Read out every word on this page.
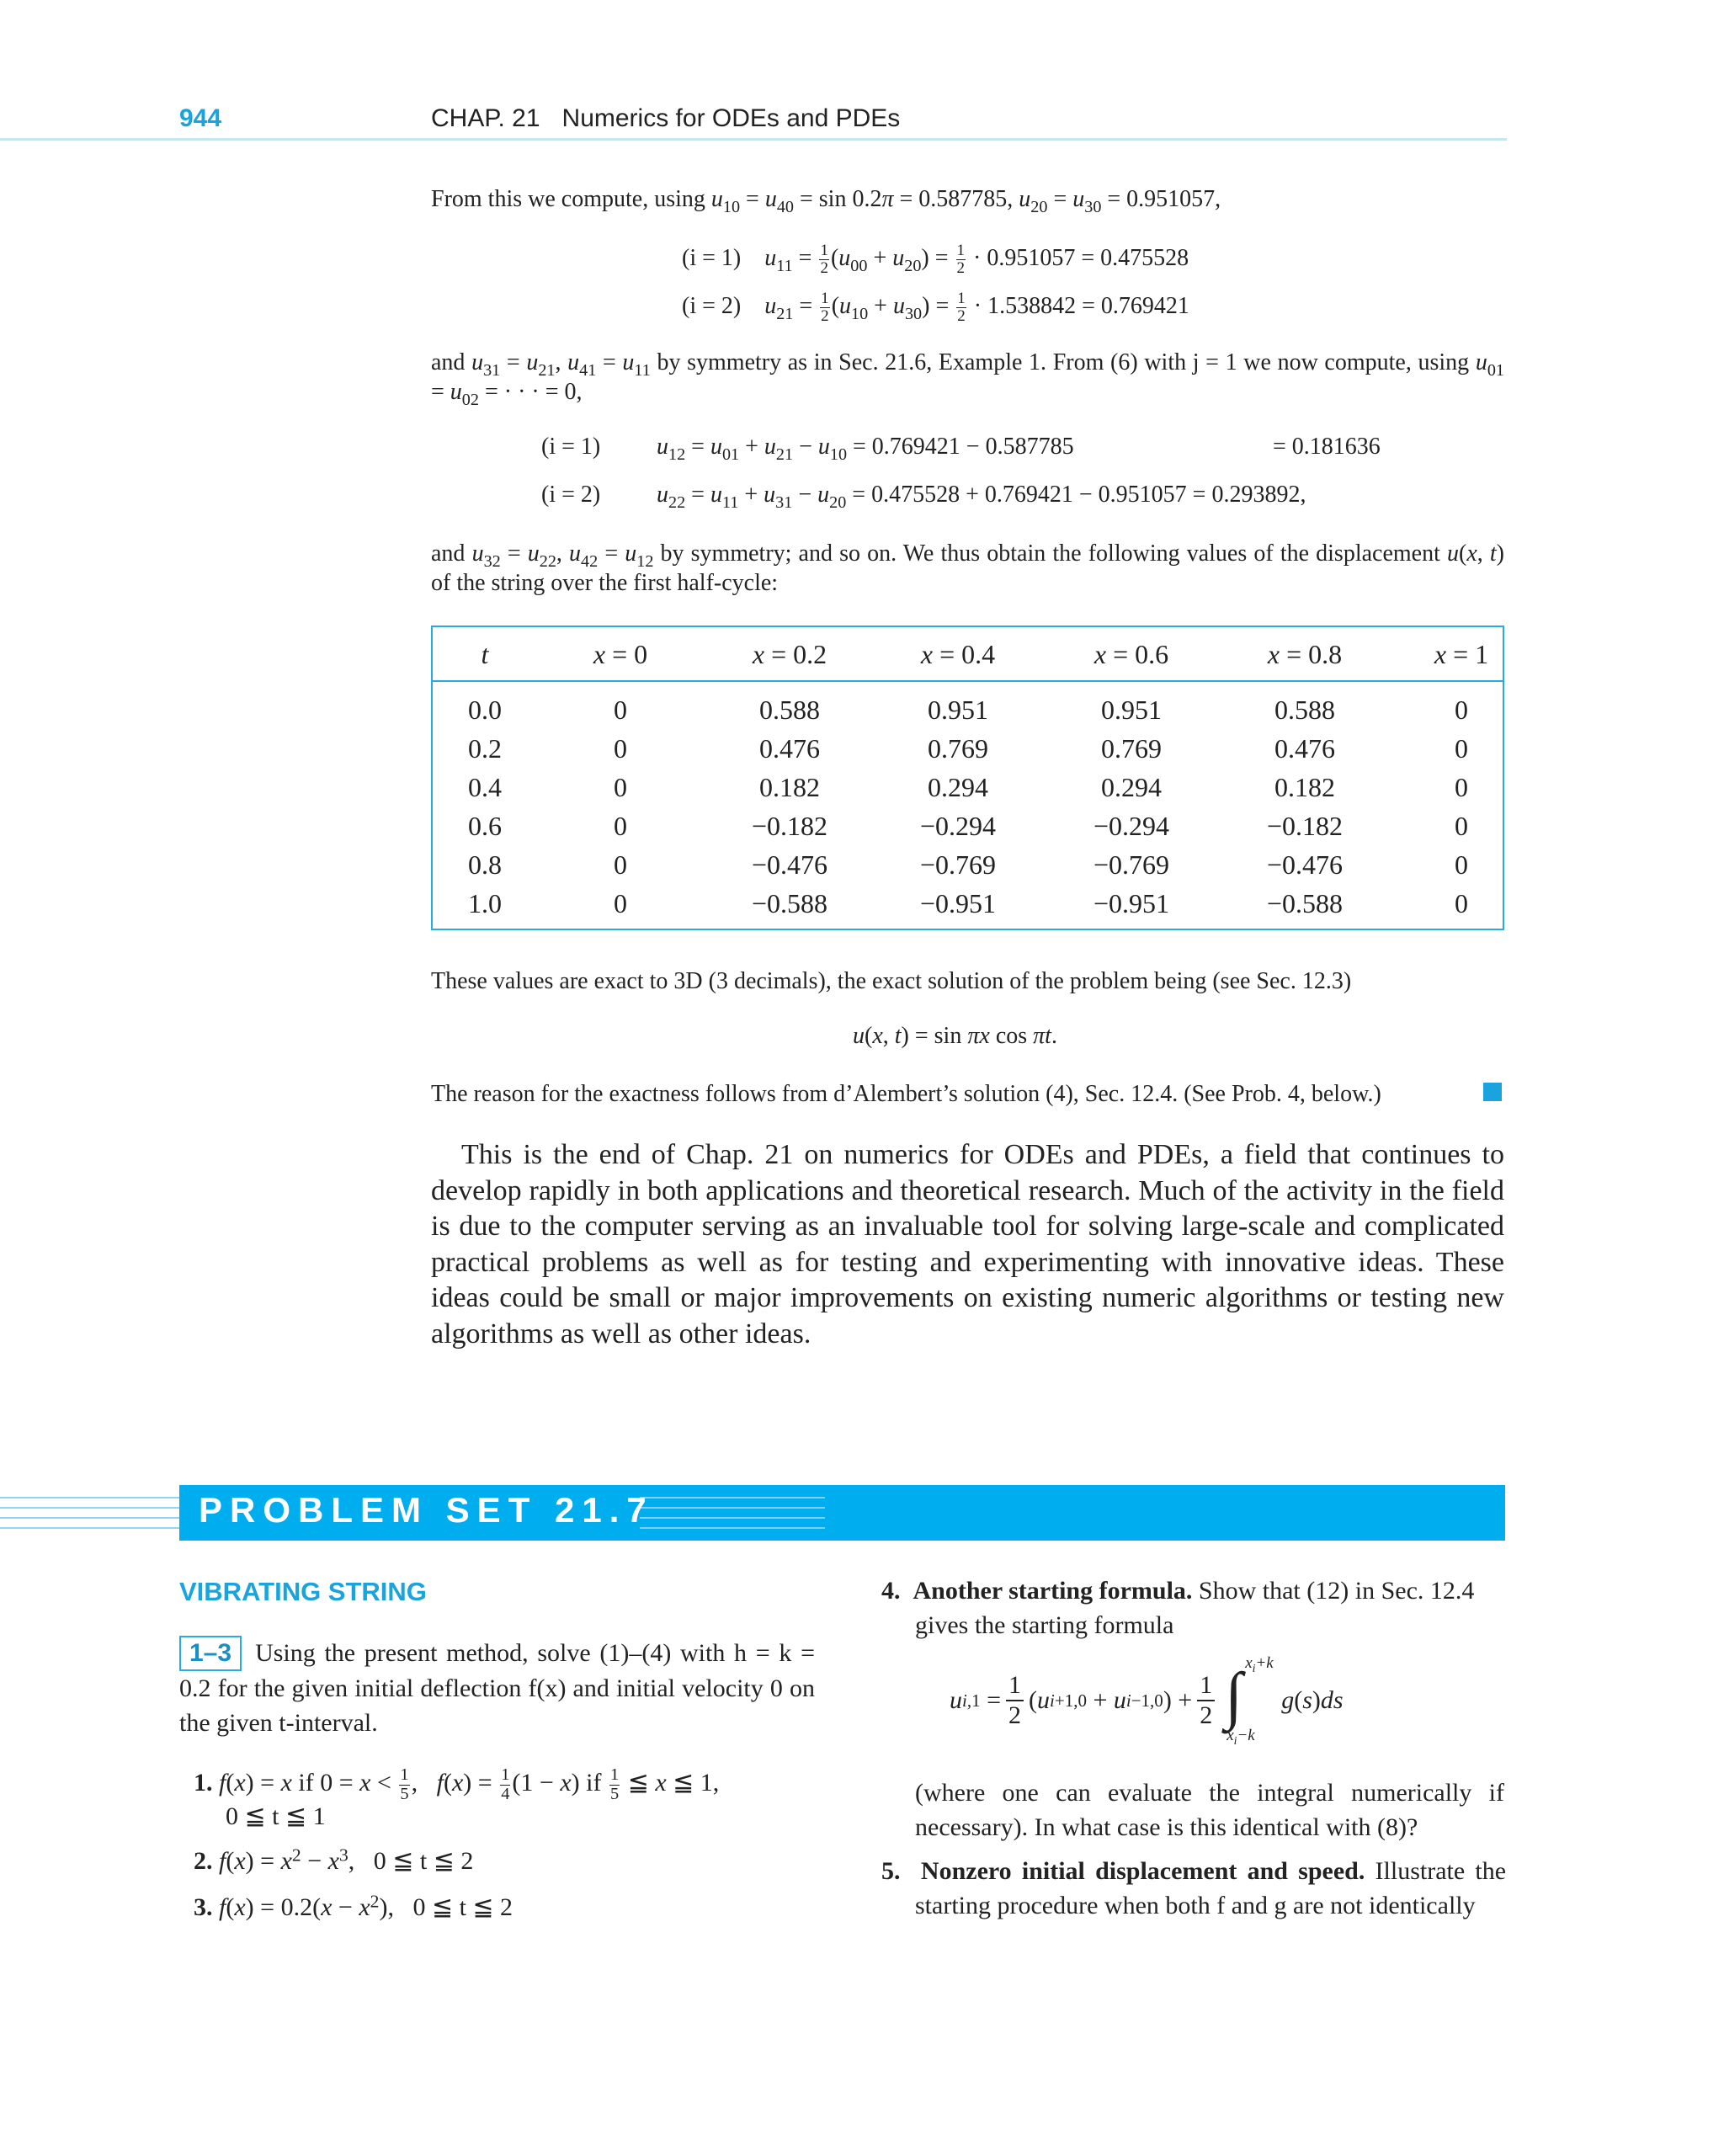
944	CHAP. 21 Numerics for ODEs and PDEs
From this we compute, using $u_{10} = u_{40} = \sin 0.2\pi = 0.587785$, $u_{20} = u_{30} = 0.951057$,
(i = 1) $u_{11} = \frac{1}{2} (u_{00} + u_{20}) = \frac{1}{2} \cdot 0.951057 = 0.475528$
(i = 2) $u_{21} = \frac{1}{2} (u_{10} + u_{30}) = \frac{1}{2} \cdot 1.538842 = 0.769421$
and $u_{31} = u_{21}$, $u_{41} = u_{11}$ by symmetry as in Sec. 21.6, Example 1. From (6) with j = 1 we now compute, using $u_{01} = u_{02}$ = · · · = 0,
(i = 1) $u_{12} = u_{01} + u_{21} - u_{10} = 0.769421 - 0.587785$	= 0.181636
(i = 2) $u_{22} = u_{11} + u_{31} - u_{20} = 0.475528 + 0.769421 - 0.951057 = 0.293892$,
and $u_{32} = u_{22}$, $u_{42} = u_{12}$ by symmetry; and so on. We thus obtain the following values of the displacement u(x, t) of the string over the first half-cycle:
t	x = 0	x = 0.2	x = 0.4	x = 0.6	x = 0.8	x = 1
0.0	0	0.588	0.951	0.951	0.588	0
0.2	0	0.476	0.769	0.769	0.476	0
0.4	0	0.182	0.294	0.294	0.182	0
0.6	0	−0.182	−0.294	−0.294	−0.182	0
0.8	0	−0.476	−0.769	−0.769	−0.476	0
1.0	0	−0.588	−0.951	−0.951	−0.588	0
These values are exact to 3D (3 decimals), the exact solution of the problem being (see Sec. 12.3)
u(x, t) = sin πx cos πt.
The reason for the exactness follows from d’Alembert’s solution (4), Sec. 12.4. (See Prob. 4, below.)
This is the end of Chap. 21 on numerics for ODEs and PDEs, a field that continues to develop rapidly in both applications and theoretical research. Much of the activity in the field is due to the computer serving as an invaluable tool for solving large-scale and complicated practical problems as well as for testing and experimenting with innovative ideas. These ideas could be small or major improvements on existing numeric algorithms or testing new algorithms as well as other ideas.
PROBLEM SET 21.7
VIBRATING STRING
1–3 Using the present method, solve (1)–(4) with h = k = 0.2 for the given initial deflection f(x) and initial velocity 0 on the given t-interval.
1. f(x) = x if $0 = x < \frac{1}{5}$ ,   $f(x) = \frac{1}{4} (1 - x)$ if $\frac{1}{5}$ ≦ x ≦ 1,
0 ≦ t ≦ 1
2. $f(x) = x^2 - x^3$,   0 ≦ t ≦ 2
3. $f(x) = 0.2(x - x^2)$,   0 ≦ t ≦ 2
4. Another starting formula. Show that (12) in Sec. 12.4 gives the starting formula
u i,1 =
1
2
( u i+1,0 + u i−1,0 ) +
1
2 ∫ $x_i+k$
$x_i-k$

g ( s ) ds
(where one can evaluate the integral numerically if necessary). In what case is this identical with (8)?
5. Nonzero initial displacement and speed. Illustrate the starting procedure when both f and g are not identically
